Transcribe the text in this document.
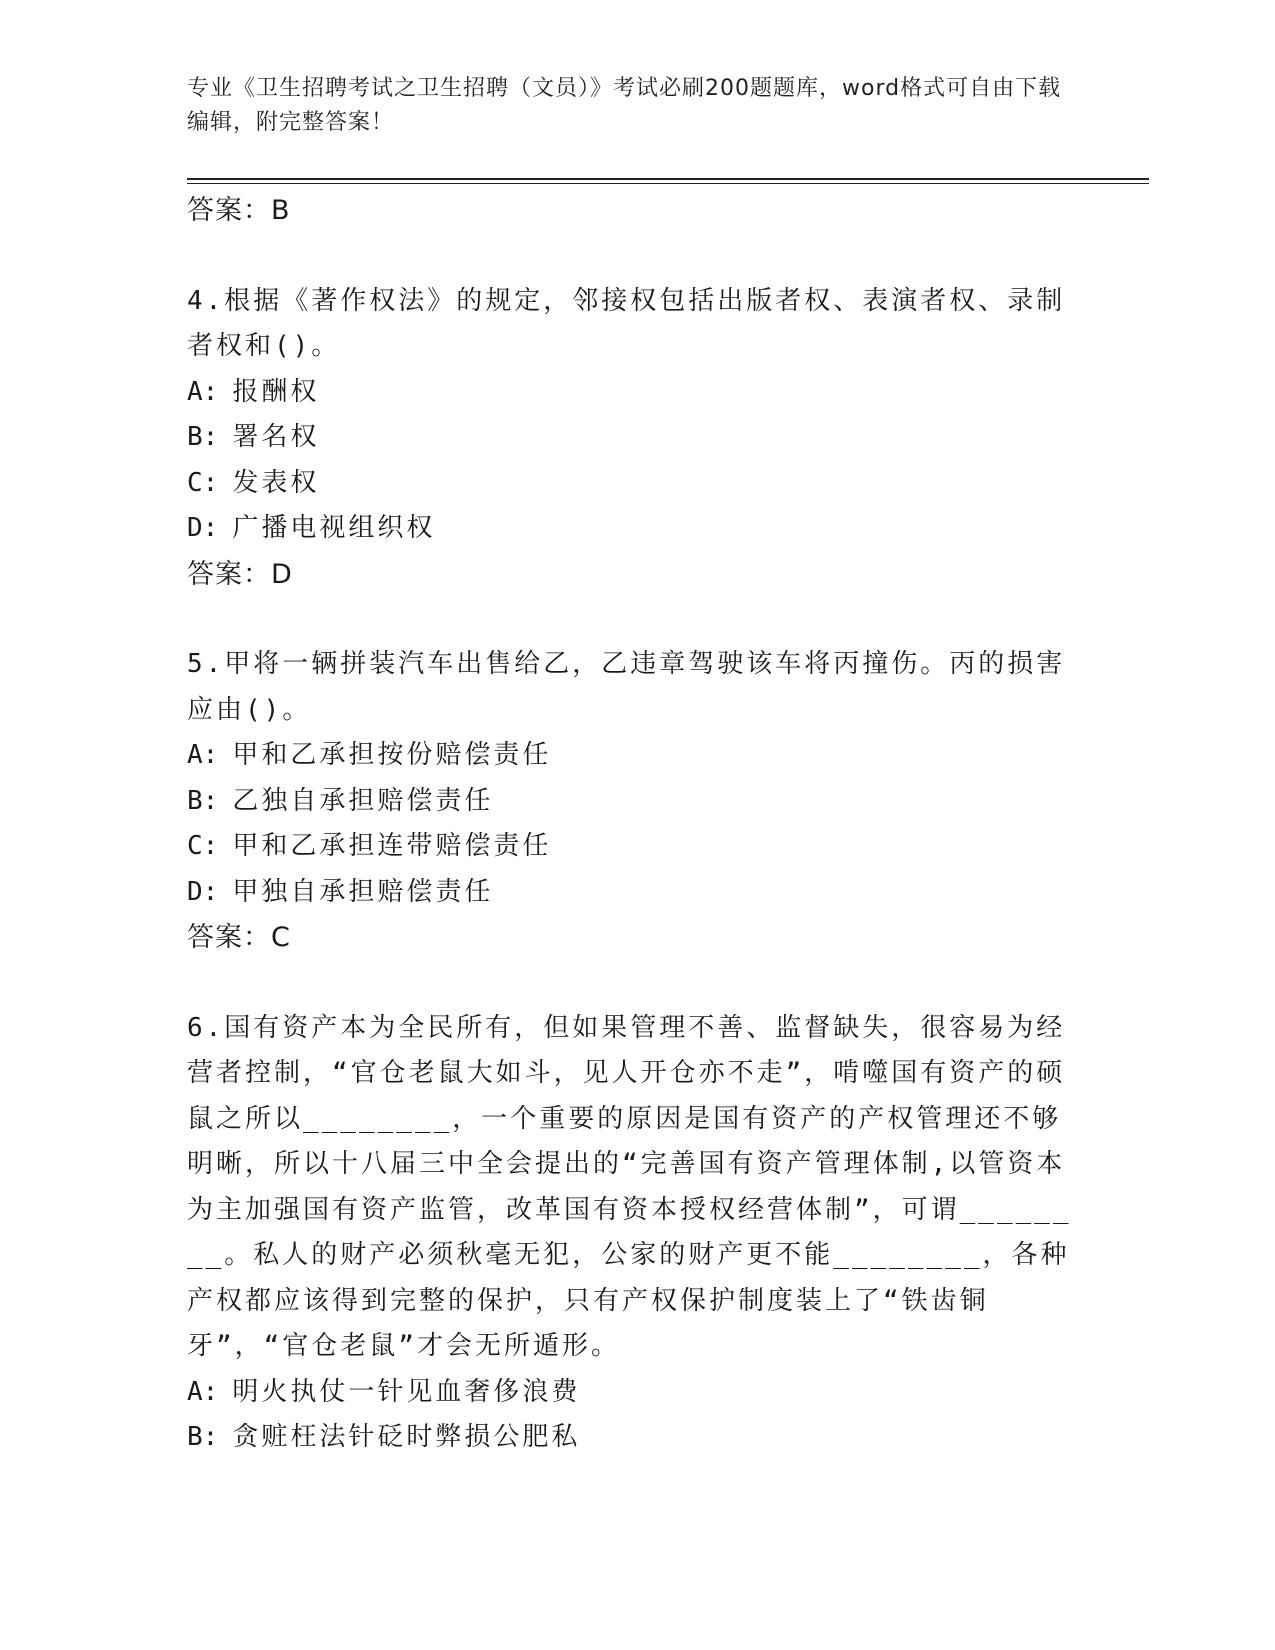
专业《卫生招聘考试之卫生招聘（文员）》考试必刷200题题库，word格式可自由下载编辑，附完整答案！
答案：B

4.根据《著作权法》的规定，邻接权包括出版者权、表演者权、录制者权和()。

A: 报酬权

B: 署名权

C: 发表权

D: 广播电视组织权

答案：D

5.甲将一辆拼装汽车出售给乙，乙违章驾驶该车将丙撞伤。丙的损害应由()。

A: 甲和乙承担按份赔偿责任

B: 乙独自承担赔偿责任

C: 甲和乙承担连带赔偿责任

D: 甲独自承担赔偿责任

答案：C

6.国有资产本为全民所有，但如果管理不善、监督缺失，很容易为经营者控制，“官仓老鼠大如斗，见人开仓亦不走”，啃噬国有资产的硕鼠之所以________，一个重要的原因是国有资产的产权管理还不够明晰，所以十八届三中全会提出的“完善国有资产管理体制,以管资本为主加强国有资产监管，改革国有资本授权经营体制”，可谓________。私人的财产必须秋毫无犯，公家的财产更不能________，各种产权都应该得到完整的保护，只有产权保护制度装上了“铁齿铜牙”，“官仓老鼠”才会无所遁形。

A: 明火执仗一针见血奢侈浪费

B: 贪赃枉法针砭时弊损公肥私
